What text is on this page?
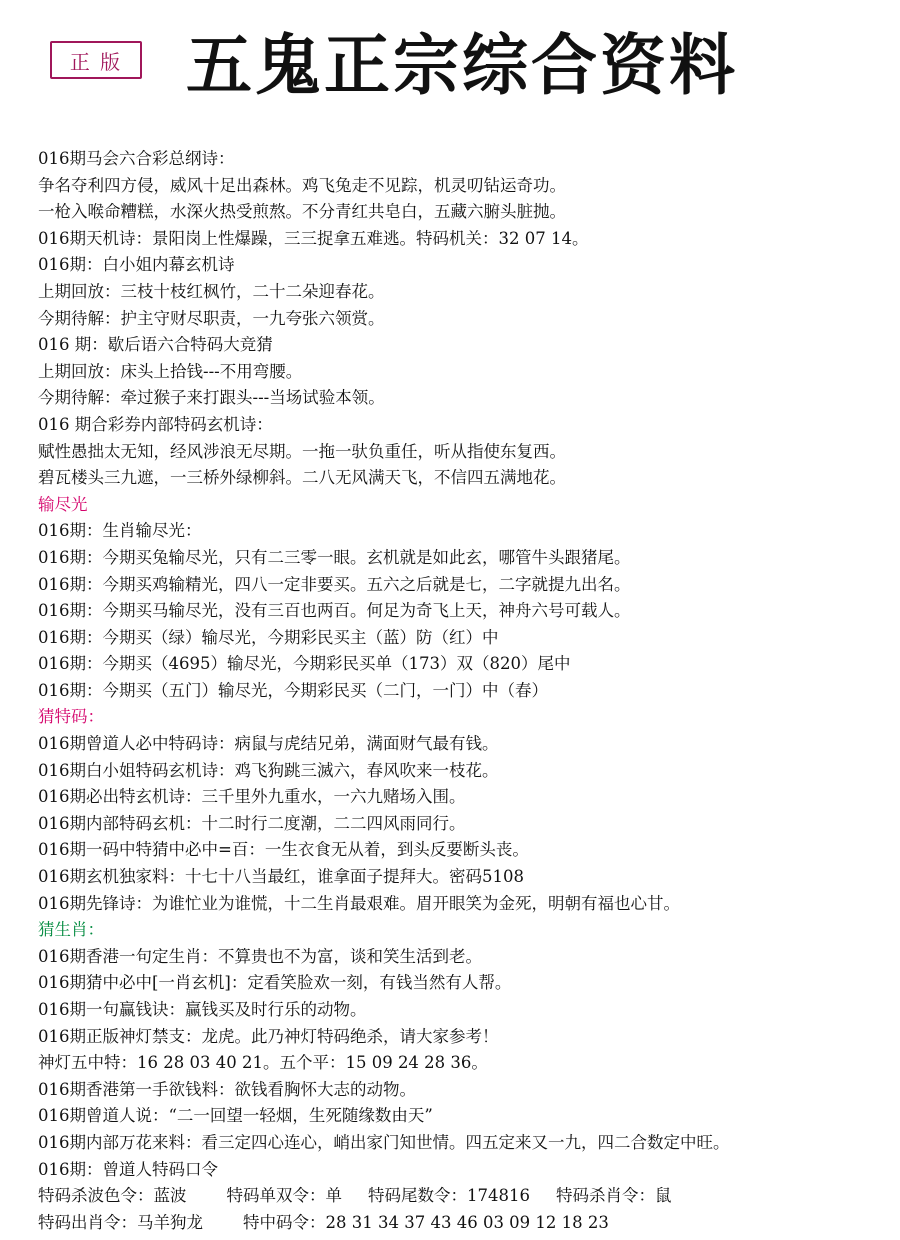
正 版 五鬼正宗综合资料
016期马会六合彩总纲诗：
争名夺利四方侵，威风十足出森林。鸡飞兔走不见踪，机灵叨钻运奇功。
一枪入喉命糟糕，水深火热受煎熬。不分青红共皂白，五藏六腑头脏抛。
016期天机诗：景阳岗上性爆躁，三三捉拿五难逃。特码机关：32 07 14。
016期：白小姐内幕玄机诗
上期回放：三枝十枝红枫竹，二十二朵迎春花。
今期待解：护主守财尽职责，一九夸张六领赏。
016 期：歇后语六合特码大竞猜
上期回放：床头上拾钱---不用弯腰。
今期待解：牵过猴子来打跟头---当场试验本领。
016 期合彩券内部特码玄机诗：
赋性愚拙太无知，经风涉浪无尽期。一拖一驮负重任，听从指使东复西。
碧瓦楼头三九遮，一三桥外绿柳斜。二八无风满天飞，不信四五满地花。
输尽光
016期：生肖输尽光：
016期：今期买兔输尽光，只有二三零一眼。玄机就是如此玄，哪管牛头跟猪尾。
016期：今期买鸡输精光，四八一定非要买。五六之后就是七，二字就提九出名。
016期：今期买马输尽光，没有三百也两百。何足为奇飞上天，神舟六号可载人。
016期：今期买（绿）输尽光，今期彩民买主（蓝）防（红）中
016期：今期买（4695）输尽光，今期彩民买单（173）双（820）尾中
016期：今期买（五门）输尽光，今期彩民买（二门，一门）中（春）
猜特码：
016期曾道人必中特码诗：病鼠与虎结兄弟，满面财气最有钱。
016期白小姐特码玄机诗：鸡飞狗跳三滅六，春风吹来一枝花。
016期必出特玄机诗：三千里外九重水，一六九赌场入围。
016期内部特码玄机：十二时行二度潮，二二四风雨同行。
016期一码中特猜中必中=百：一生衣食无从着，到头反要断头丧。
016期玄机独家料：十七十八当最红，谁拿面子提拜大。密码5108
016期先锋诗：为谁忙业为谁慌，十二生肖最艰难。眉开眼笑为金死，明朝有福也心甘。
猜生肖：
016期香港一句定生肖：不算贵也不为富，谈和笑生活到老。
016期猜中必中[一肖玄机]：定看笑脸欢一刻，有钱当然有人帮。
016期一句赢钱诀：赢钱买及时行乐的动物。
016期正版神灯禁支：龙虎。此乃神灯特码绝杀，请大家参考！
神灯五中特：16 28 03 40 21。五个平：15 09 24 28 36。
016期香港第一手欲钱料：欲钱看胸怀大志的动物。
016期曾道人说：“二一回望一轻烟，生死随缘数由天”
016期内部万花来料：看三定四心连心，峭出家门知世情。四五定来又一九，四二合数定中旺。
016期：曾道人特码口令
特码杀波色令：蓝波 特码单双令：单 特码尾数令：174816 特码杀肖令：鼠
特码出肖令：马羊狗龙 特中码令：28 31 34 37 43 46 03 09 12 18 23
